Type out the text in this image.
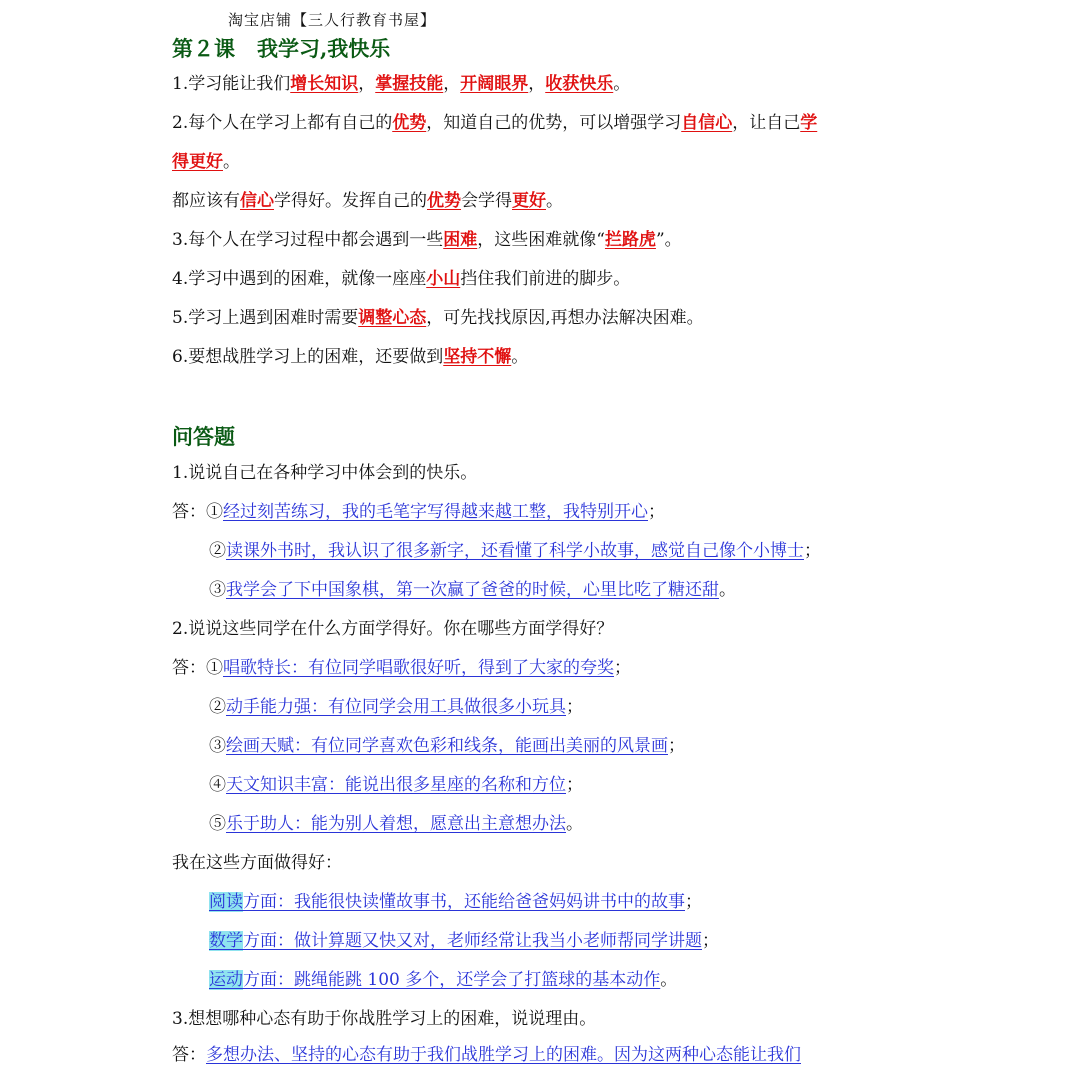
淘宝店铺【三人行教育书屋】
第２课 我学习,我快乐
1.学习能让我们增长知识，掌握技能，开阔眼界，收获快乐。
2.每个人在学习上都有自己的优势，知道自己的优势，可以增强学习自信心，让自己学
得更好。
都应该有信心学得好。发挥自己的优势会学得更好。
3.每个人在学习过程中都会遇到一些困难，这些困难就像“拦路虎”。
4.学习中遇到的困难，就像一座座小山挡住我们前进的脚步。
5.学习上遇到困难时需要调整心态，可先找找原因,再想办法解决困难。
6.要想战胜学习上的困难，还要做到坚持不懈。
问答题
1.说说自己在各种学习中体会到的快乐。
答：①经过刻苦练习，我的毛笔字写得越来越工整，我特别开心；
②读课外书时，我认识了很多新字，还看懂了科学小故事，感觉自己像个小博士；
③我学会了下中国象棋，第一次赢了爸爸的时候，心里比吃了糖还甜。
2.说说这些同学在什么方面学得好。你在哪些方面学得好？
答：①唱歌特长：有位同学唱歌很好听，得到了大家的夸奖；
②动手能力强：有位同学会用工具做很多小玩具；
③绘画天赋：有位同学喜欢色彩和线条，能画出美丽的风景画；
④天文知识丰富：能说出很多星座的名称和方位；
⑤乐于助人：能为别人着想，愿意出主意想办法。
我在这些方面做得好：
阅读方面：我能很快读懂故事书，还能给爸爸妈妈讲书中的故事；
数学方面：做计算题又快又对，老师经常让我当小老师帮同学讲题；
运动方面：跳绳能跳 100 多个，还学会了打篮球的基本动作。
3.想想哪种心态有助于你战胜学习上的困难，说说理由。
答：多想办法、坚持的心态有助于我们战胜学习上的困难。因为这两种心态能让我们
